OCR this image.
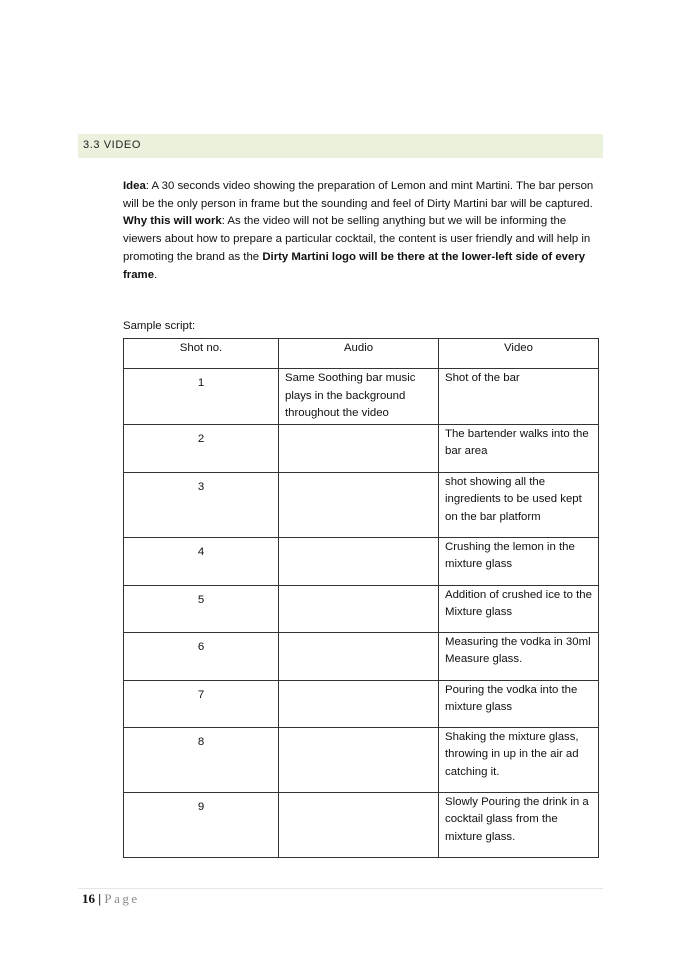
3.3 VIDEO

Idea: A 30 seconds video showing the preparation of Lemon and mint Martini. The bar person will be the only person in frame but the sounding and feel of Dirty Martini bar will be captured.

Why this will work: As the video will not be selling anything but we will be informing the viewers about how to prepare a particular cocktail, the content is user friendly and will help in promoting the brand as the Dirty Martini logo will be there at the lower-left side of every frame.

Sample script:
Shot no.	Audio	Video
1	Same Soothing bar music plays in the background throughout the video	Shot of the bar
2		The bartender walks into the bar area
3		shot showing all the ingredients to be used kept on the bar platform
4		Crushing the lemon in the mixture glass
5		Addition of crushed ice to the Mixture glass
6		Measuring the vodka in 30ml Measure glass.
7		Pouring the vodka into the mixture glass
8		Shaking the mixture glass, throwing in up in the air ad catching it.
9		Slowly Pouring the drink in a cocktail glass from the mixture glass.
16 | Page
